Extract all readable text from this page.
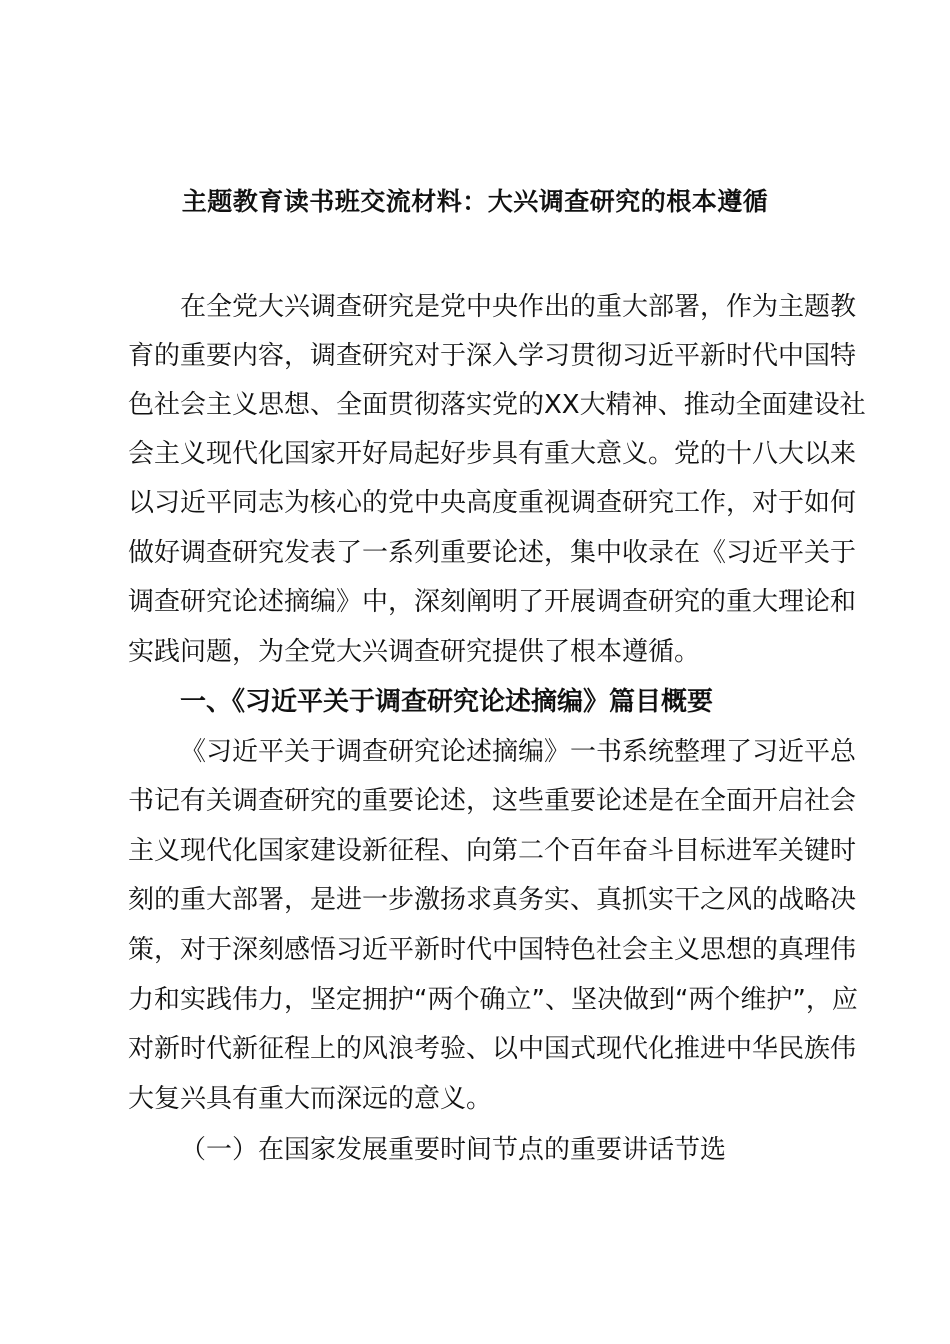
主题教育读书班交流材料：大兴调查研究的根本遵循
在全党大兴调查研究是党中央作出的重大部署，作为主题教
育的重要内容，调查研究对于深入学习贯彻习近平新时代中国特
色社会主义思想、全面贯彻落实党的XX大精神、推动全面建设社
会主义现代化国家开好局起好步具有重大意义。党的十八大以来
以习近平同志为核心的党中央高度重视调查研究工作，对于如何
做好调查研究发表了一系列重要论述，集中收录在《习近平关于
调查研究论述摘编》中，深刻阐明了开展调查研究的重大理论和
实践问题，为全党大兴调查研究提供了根本遵循。
一、《习近平关于调查研究论述摘编》篇目概要
《习近平关于调查研究论述摘编》一书系统整理了习近平总
书记有关调查研究的重要论述，这些重要论述是在全面开启社会
主义现代化国家建设新征程、向第二个百年奋斗目标进军关键时
刻的重大部署，是进一步激扬求真务实、真抓实干之风的战略决
策，对于深刻感悟习近平新时代中国特色社会主义思想的真理伟
力和实践伟力，坚定拥护“两个确立”、坚决做到“两个维护”，应
对新时代新征程上的风浪考验、以中国式现代化推进中华民族伟
大复兴具有重大而深远的意义。
（一）在国家发展重要时间节点的重要讲话节选
